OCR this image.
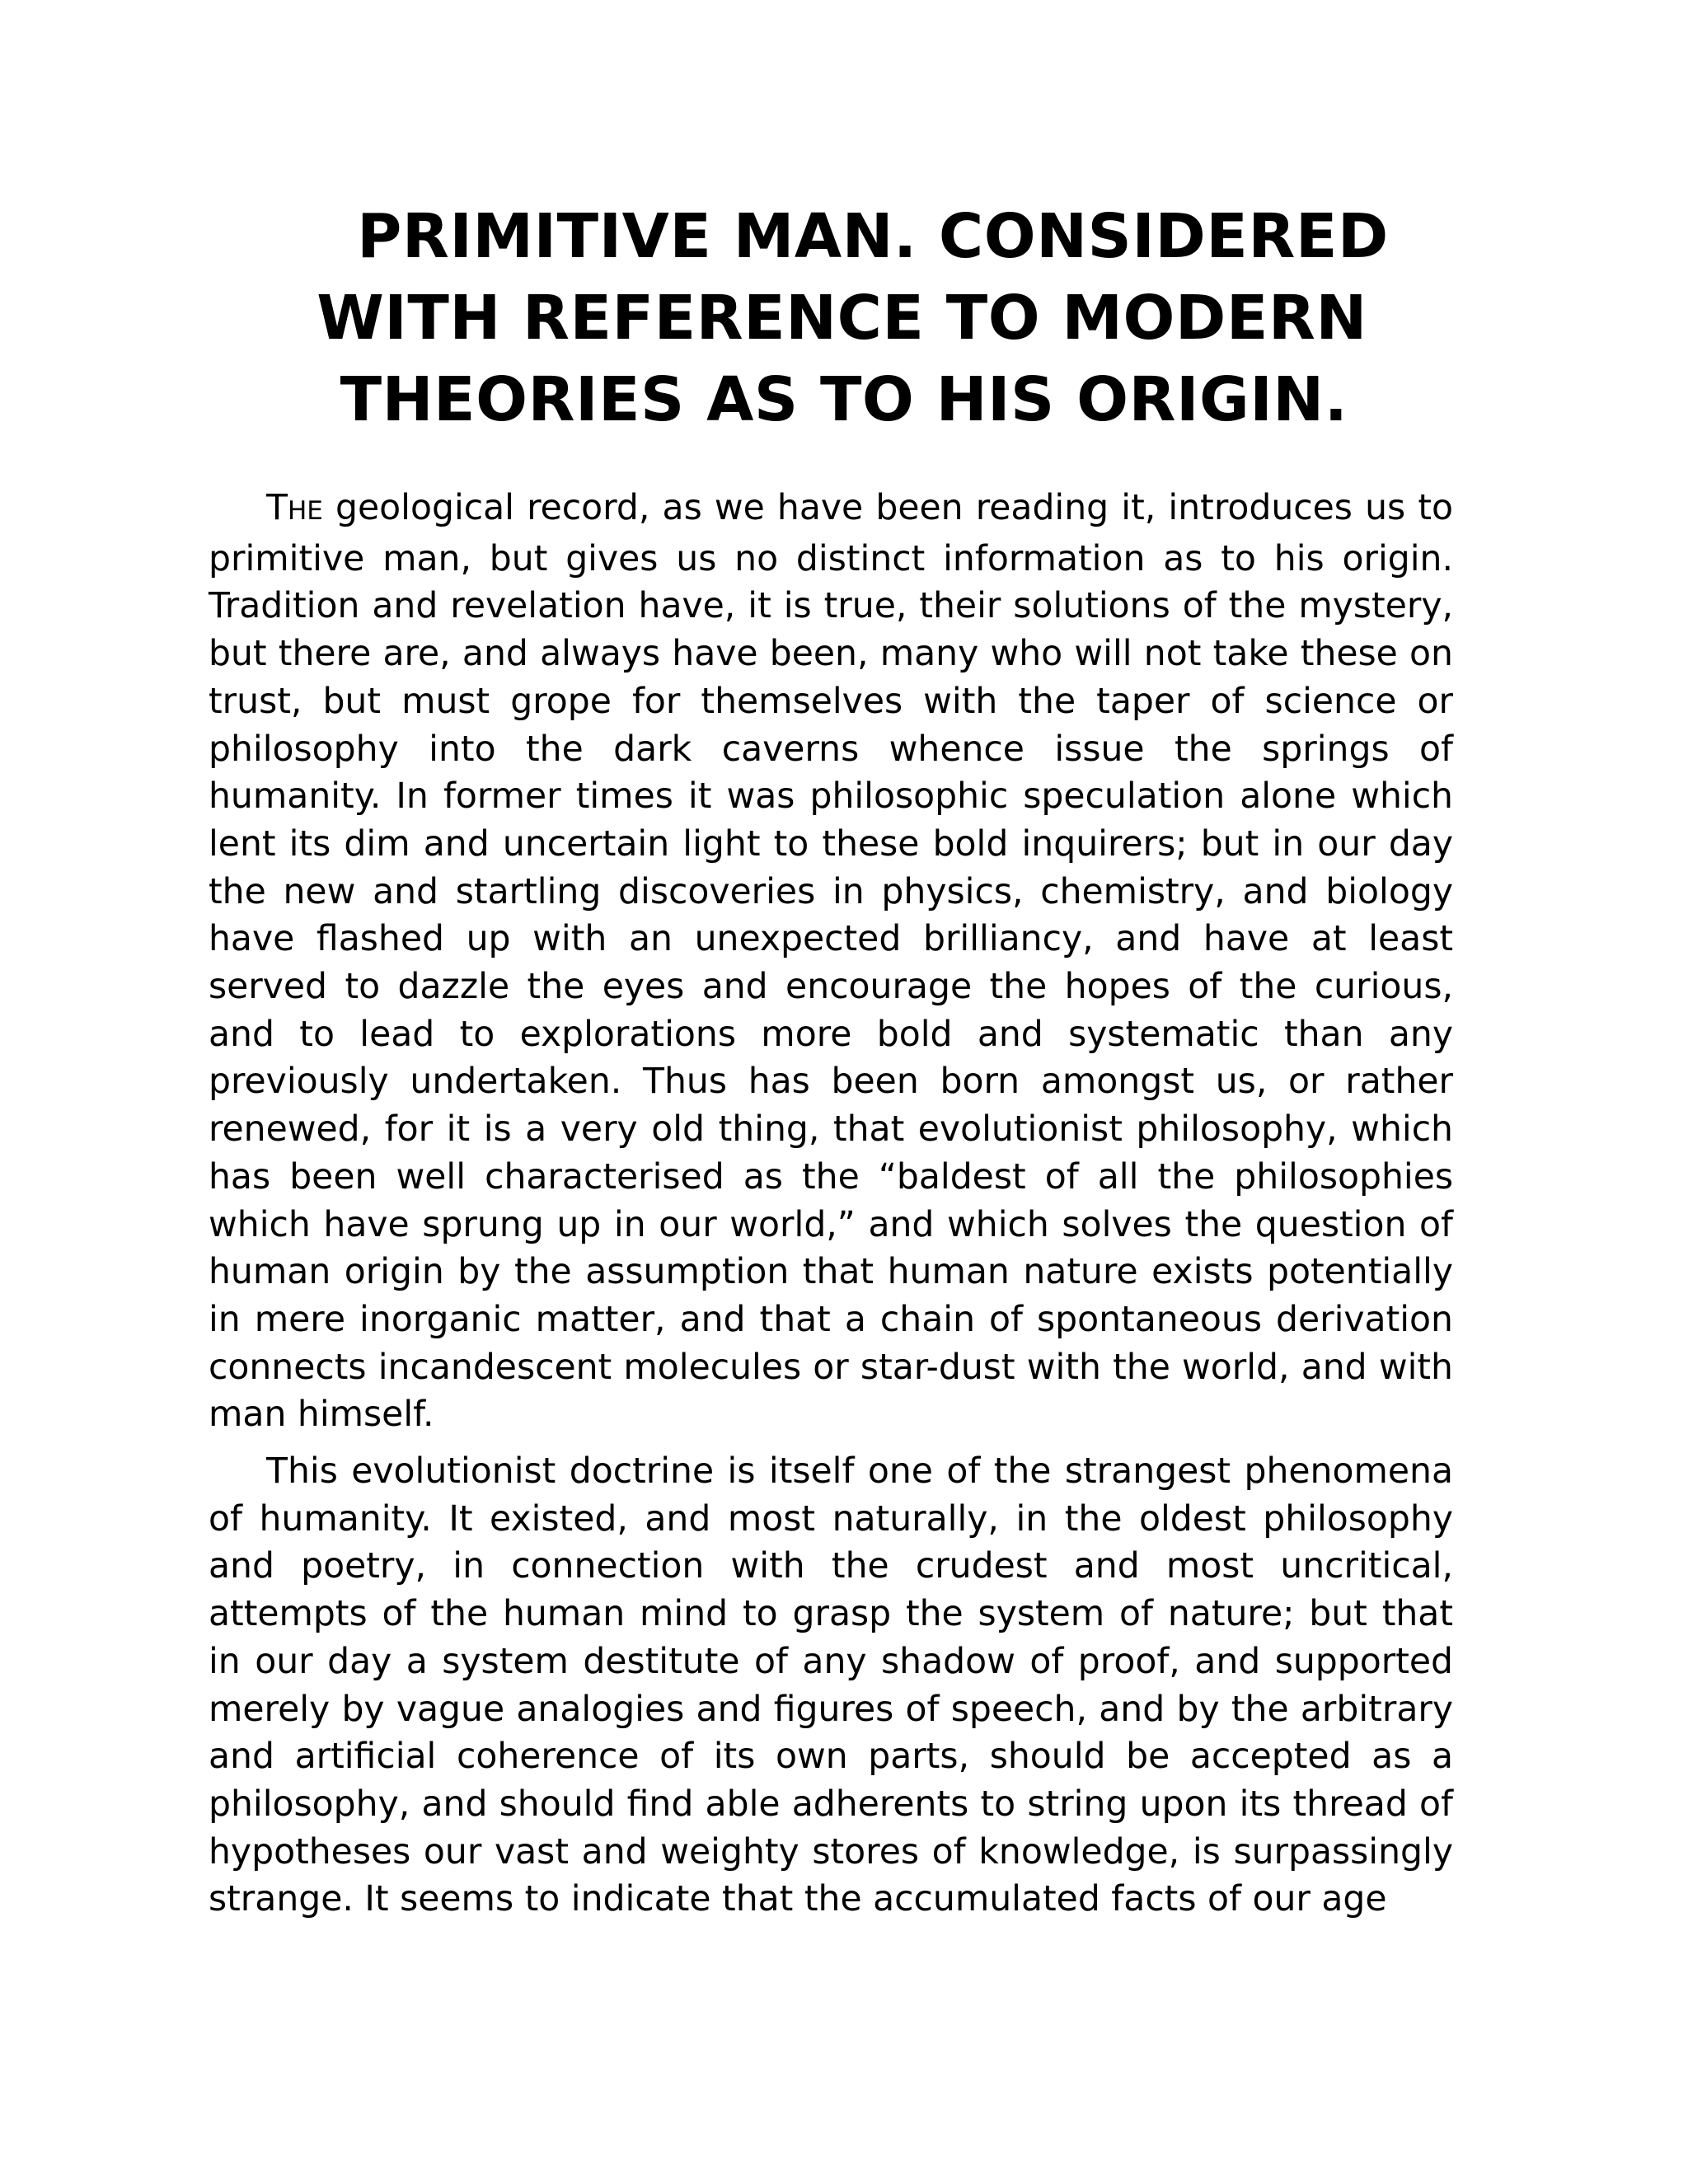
PRIMITIVE MAN. CONSIDERED
WITH REFERENCE TO MODERN
THEORIES AS TO HIS ORIGIN.

THE geological record, as we have been reading it, introduces us to primitive man, but gives us no distinct information as to his origin. Tradition and revelation have, it is true, their solutions of the mystery, but there are, and always have been, many who will not take these on trust, but must grope for themselves with the taper of science or philosophy into the dark caverns whence issue the springs of humanity. In former times it was philosophic speculation alone which lent its dim and uncertain light to these bold inquirers; but in our day the new and startling discoveries in physics, chemistry, and biology have flashed up with an unexpected brilliancy, and have at least served to dazzle the eyes and encourage the hopes of the curious, and to lead to explorations more bold and systematic than any previously undertaken. Thus has been born amongst us, or rather renewed, for it is a very old thing, that evolutionist philosophy, which has been well characterised as the “baldest of all the philosophies which have sprung up in our world,” and which solves the question of human origin by the assumption that human nature exists potentially in mere inorganic matter, and that a chain of spontaneous derivation connects incandescent molecules or star-dust with the world, and with man himself.

This evolutionist doctrine is itself one of the strangest phenomena of humanity. It existed, and most naturally, in the oldest philosophy and poetry, in connection with the crudest and most uncritical, attempts of the human mind to grasp the system of nature; but that in our day a system destitute of any shadow of proof, and supported merely by vague analogies and figures of speech, and by the arbitrary and artificial coherence of its own parts, should be accepted as a philosophy, and should find able adherents to string upon its thread of hypotheses our vast and weighty stores of knowledge, is surpassingly strange. It seems to indicate that the accumulated facts of our age
